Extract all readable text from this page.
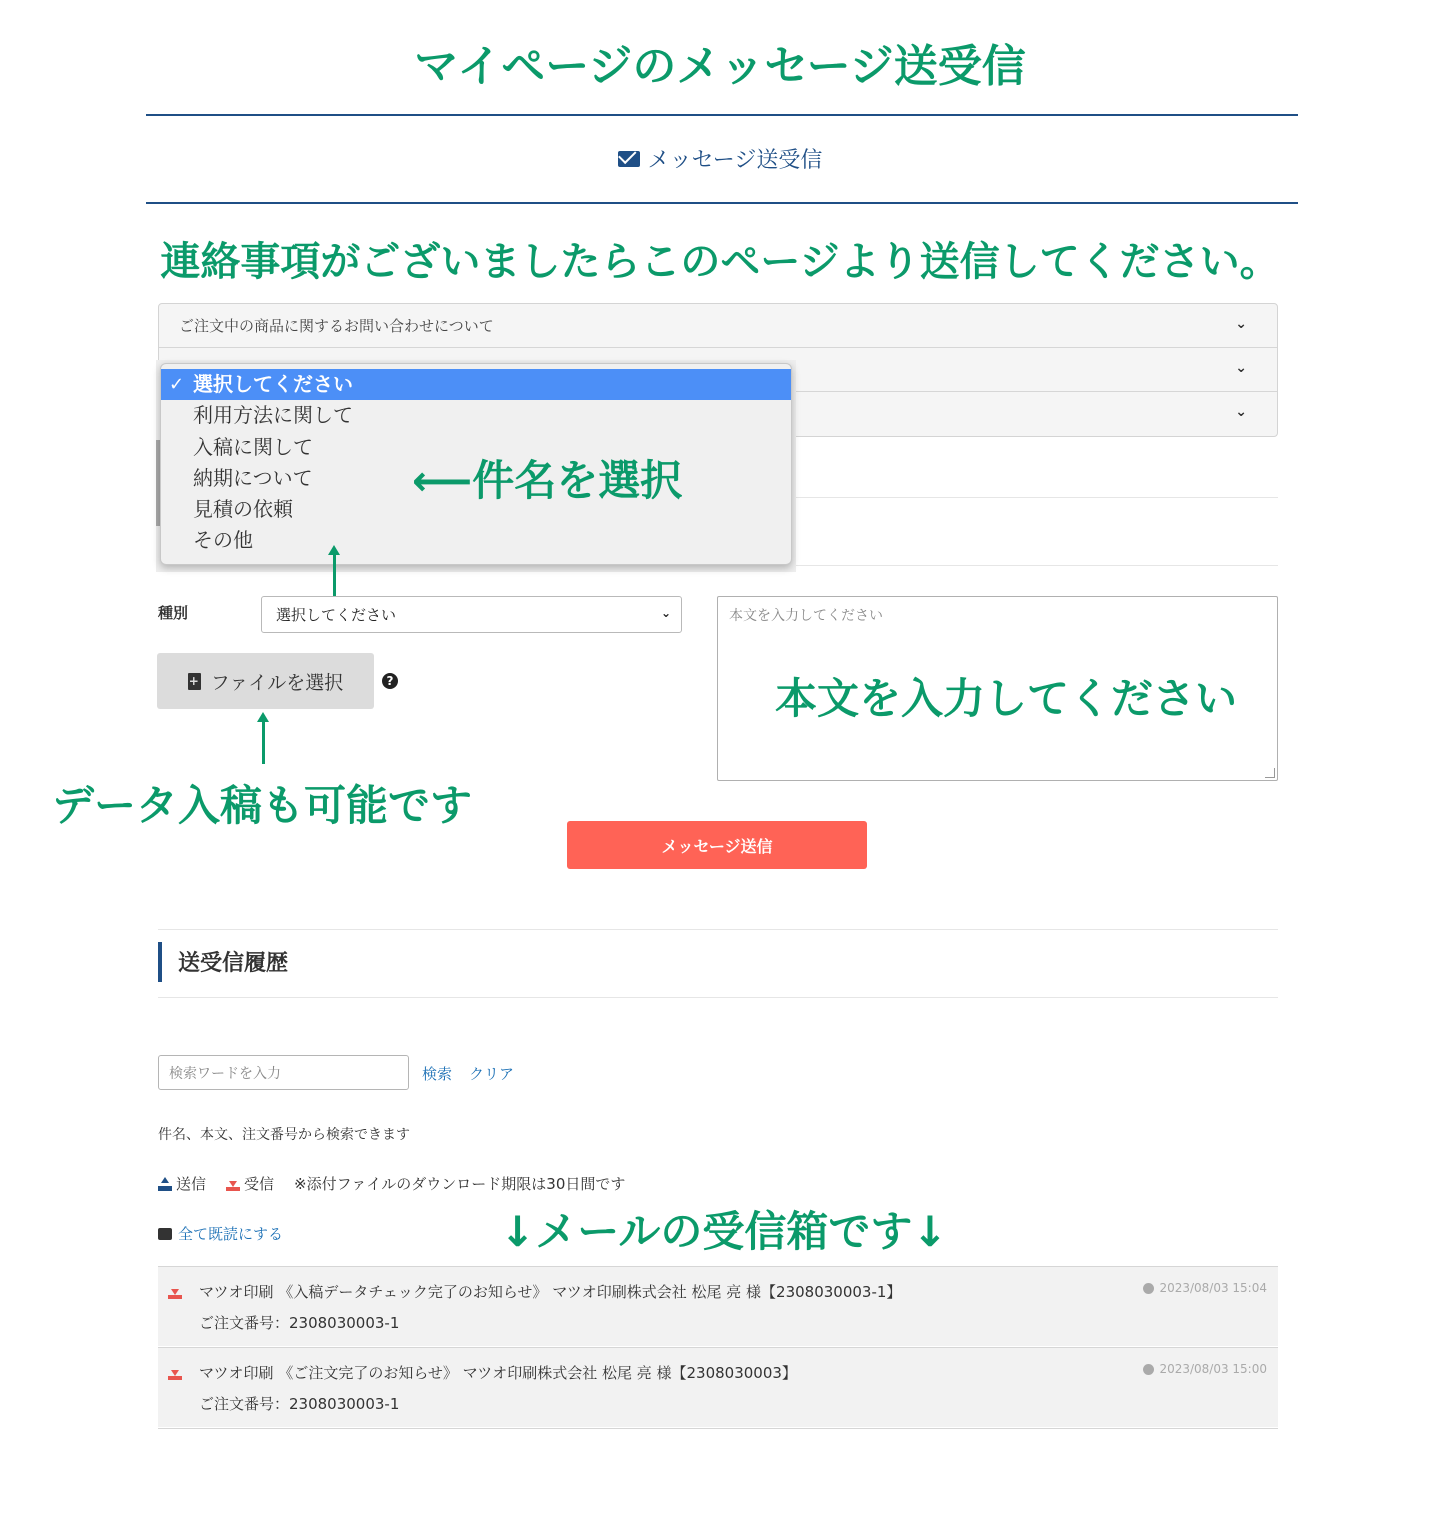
マイページのメッセージ送受信
メッセージ送受信
連絡事項がございましたらこのページより送信してください。
ご注文中の商品に関するお問い合わせについて	⌄
⌄
⌄
✓ 選択してください
利用方法に関して
入稿に関して
納期について
見積の依頼
その他
⟵件名を選択
種別	選択してください	⌄
+
ファイルを選択	?
データ入稿も可能です
本文を入力してください
本文を入力してください
メッセージ送信
送受信履歴
検索ワードを入力	検索 クリア
件名、本文、注文番号から検索できます
送信	受信 ※添付ファイルのダウンロード期限は30日間です
全て既読にする	↓メールの受信箱です↓
マツオ印刷 《入稿データチェック完了のお知らせ》 マツオ印刷株式会社 松尾 亮 様【2308030003-1】
ご注文番号：2308030003-1
2023/08/03 15:04
マツオ印刷 《ご注文完了のお知らせ》 マツオ印刷株式会社 松尾 亮 様【2308030003】
ご注文番号：2308030003-1
2023/08/03 15:00
